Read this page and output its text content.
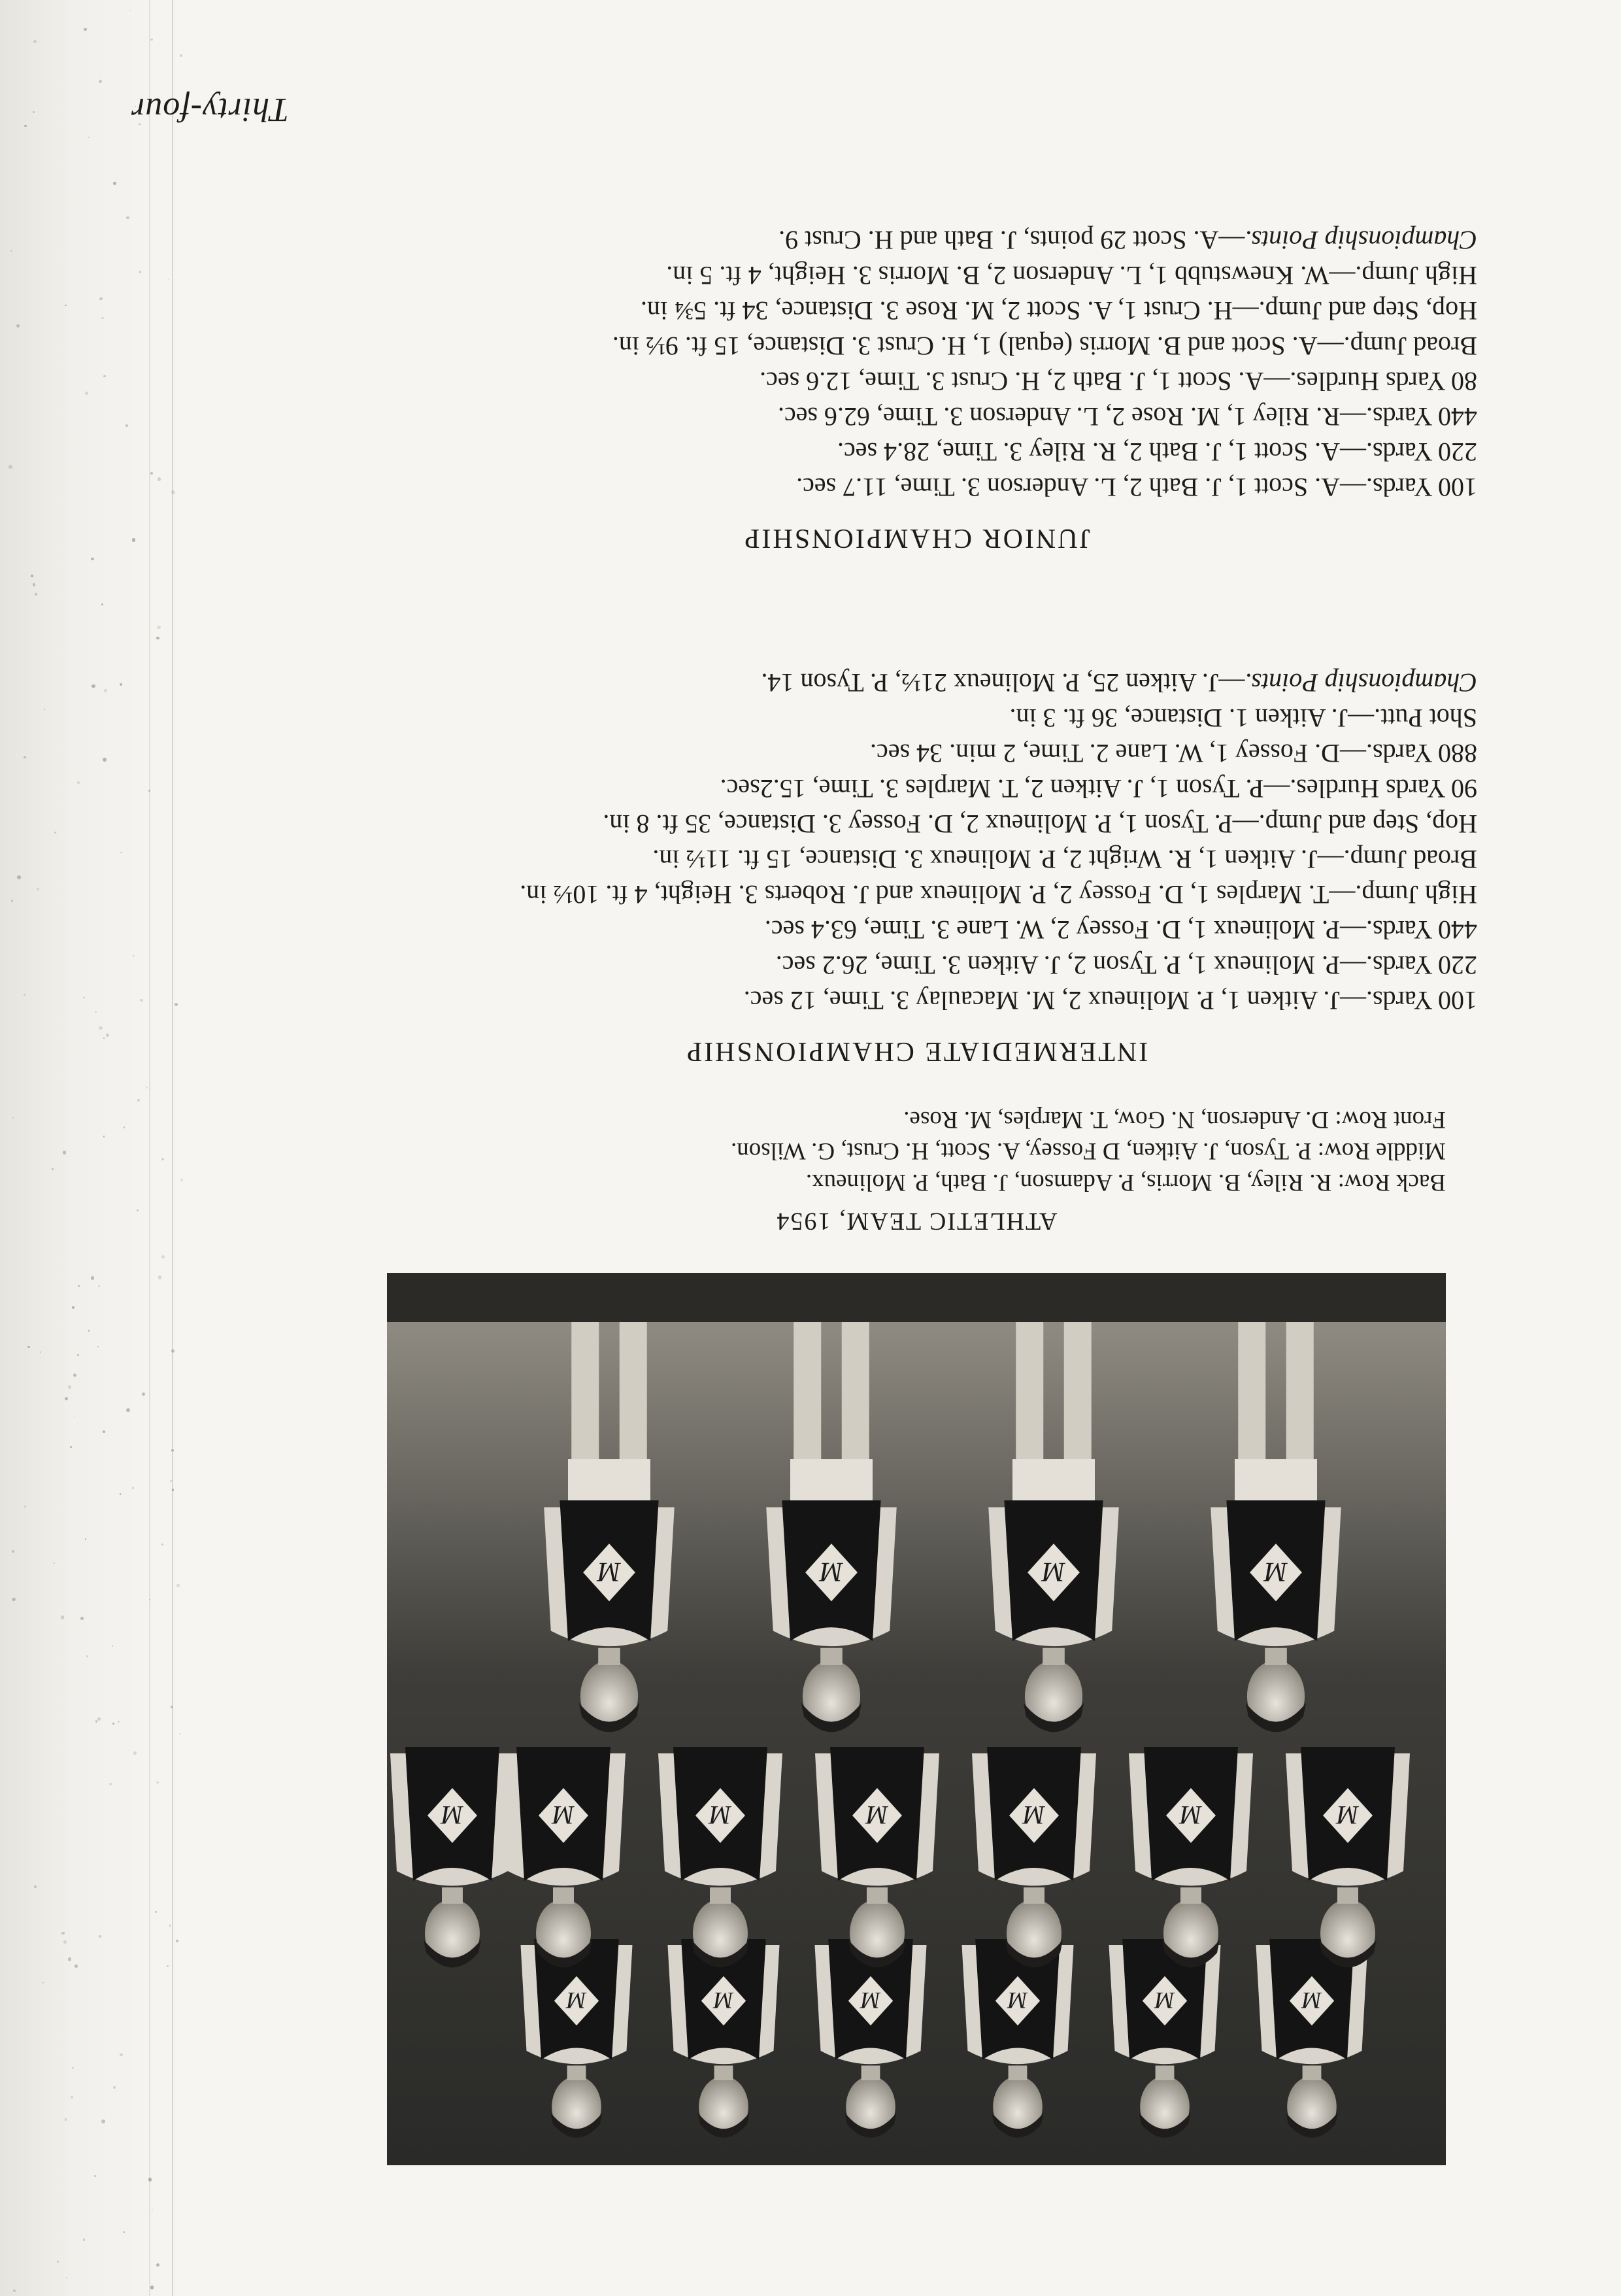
Thirty-four
M
M
M
M
M
M
M
M
M
M
M
M
M
M
M
M
M
ATHLETIC TEAM, 1954
Back Row: R. Riley, B. Morris, P. Adamson, J. Bath, P. Molineux.
Middle Row: P. Tyson, J. Aitken, D Fossey, A. Scott, H. Crust, G. Wilson.
Front Row: D. Anderson, N. Gow, T. Marples, M. Rose.
INTERMEDIATE CHAMPIONSHIP

100 Yards.—J. Aitken 1, P. Molineux 2, M. Macaulay 3. Time, 12 sec.

220 Yards.—P. Molineux 1, P. Tyson 2, J. Aitken 3. Time, 26.2 sec.

440 Yards.—P. Molineux 1, D. Fossey 2, W. Lane 3. Time, 63.4 sec.

High Jump.—T. Marples 1, D. Fossey 2, P. Molineux and J. Roberts 3. Height, 4 ft. 10½ in.

Broad Jump.—J. Aitken 1, R. Wright 2, P. Molineux 3. Distance, 15 ft. 11½ in.

Hop, Step and Jump.—P. Tyson 1, P. Molineux 2, D. Fossey 3. Distance, 35 ft. 8 in.

90 Yards Hurdles.—P. Tyson 1, J. Aitken 2, T. Marples 3. Time, 15.2sec.

880 Yards.—D. Fossey 1, W. Lane 2. Time, 2 min. 34 sec.

Shot Putt.—J. Aitken 1. Distance, 36 ft. 3 in.

Championship Points.—J. Aitken 25, P. Molineux 21½, P. Tyson 14.

JUNIOR CHAMPIONSHIP

100 Yards.—A. Scott 1, J. Bath 2, L. Anderson 3. Time, 11.7 sec.

220 Yards.—A. Scott 1, J. Bath 2, R. Riley 3. Time, 28.4 sec.

440 Yards.—R. Riley 1, M. Rose 2, L. Anderson 3. Time, 62.6 sec.

80 Yards Hurdles.—A. Scott 1, J. Bath 2, H. Crust 3. Time, 12.6 sec.

Broad Jump.—A. Scott and B. Morris (equal) 1, H. Crust 3. Distance, 15 ft. 9½ in.

Hop, Step and Jump.—H. Crust 1, A. Scott 2, M. Rose 3. Distance, 34 ft. 5¾ in.

High Jump.—W. Knewstubb 1, L. Anderson 2, B. Morris 3. Height, 4 ft. 5 in.

Championship Points.—A. Scott 29 points, J. Bath and H. Crust 9.
